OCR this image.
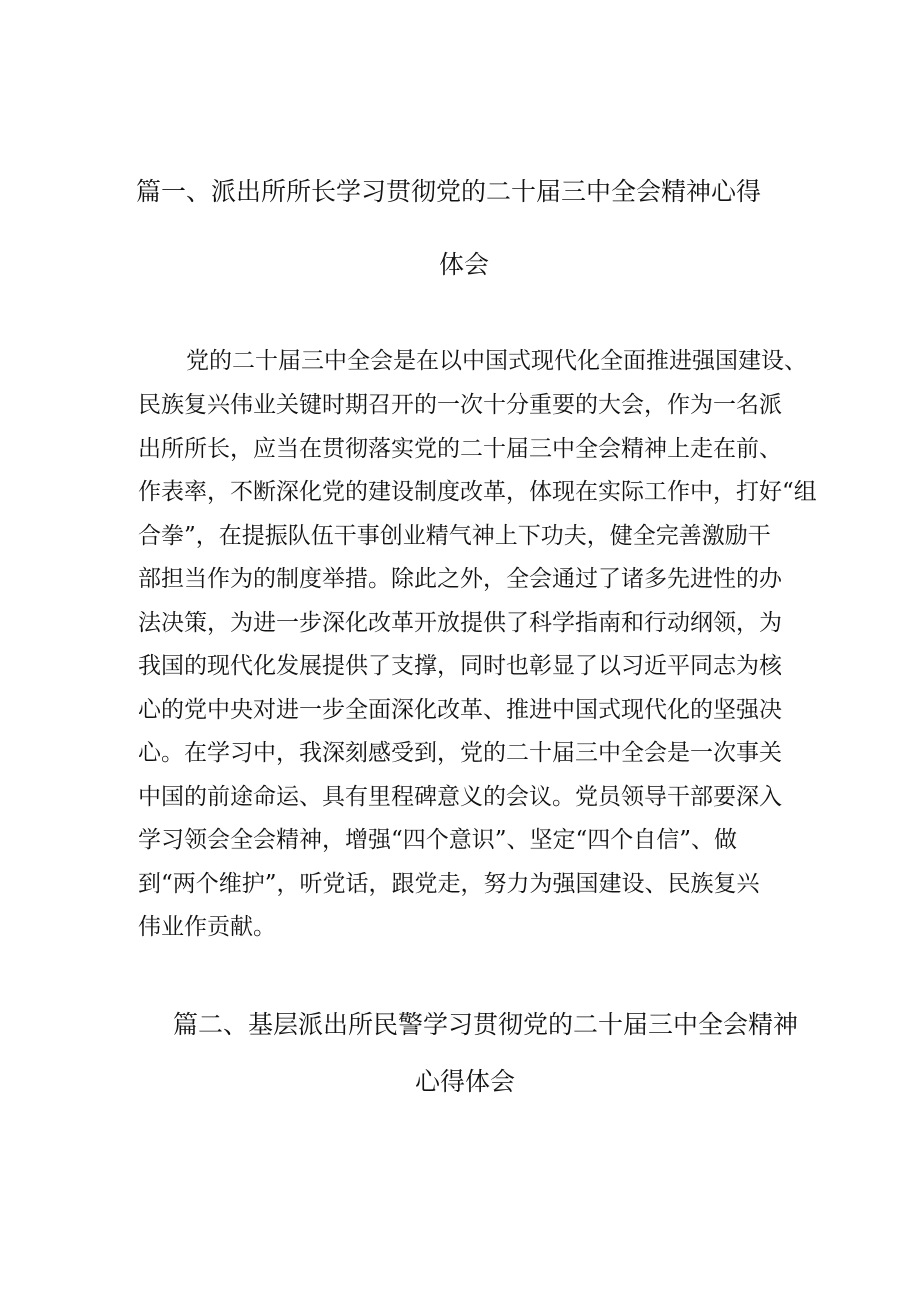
篇一、派出所所长学习贯彻党的二十届三中全会精神心得
体会

党的二十届三中全会是在以中国式现代化全面推进强国建设、

民族复兴伟业关键时期召开的一次十分重要的大会，作为一名派

出所所长，应当在贯彻落实党的二十届三中全会精神上走在前、

作表率，不断深化党的建设制度改革，体现在实际工作中，打好“组

合拳”，在提振队伍干事创业精气神上下功夫，健全完善激励干

部担当作为的制度举措。除此之外，全会通过了诸多先进性的办

法决策，为进一步深化改革开放提供了科学指南和行动纲领，为

我国的现代化发展提供了支撑，同时也彰显了以习近平同志为核

心的党中央对进一步全面深化改革、推进中国式现代化的坚强决

心。在学习中，我深刻感受到，党的二十届三中全会是一次事关

中国的前途命运、具有里程碑意义的会议。党员领导干部要深入

学习领会全会精神，增强“四个意识”、坚定“四个自信”、做

到“两个维护”，听党话，跟党走，努力为强国建设、民族复兴

伟业作贡献。

篇二、基层派出所民警学习贯彻党的二十届三中全会精神
心得体会
